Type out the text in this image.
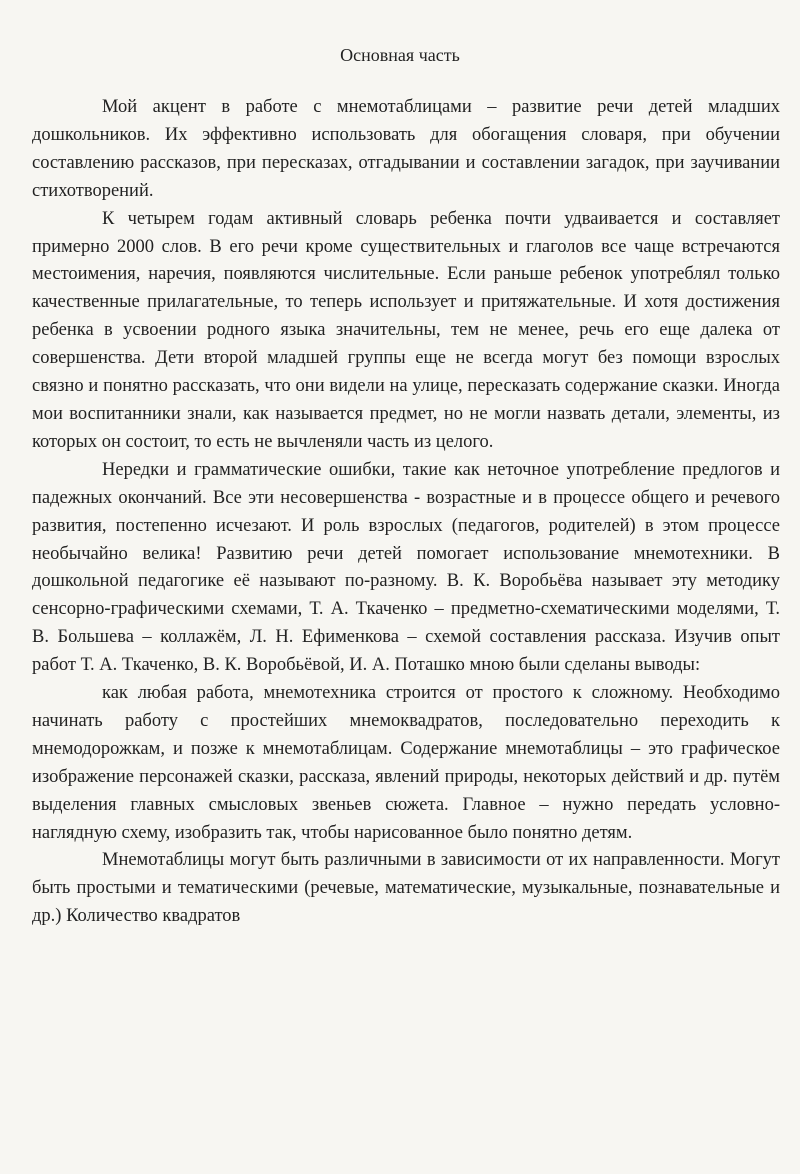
Основная часть

Мой акцент в работе с мнемотаблицами – развитие речи детей младших дошкольников. Их эффективно использовать для обогащения словаря, при обучении составлению рассказов, при пересказах, отгадывании и составлении загадок, при заучивании стихотворений.

К четырем годам активный словарь ребенка почти удваивается и составляет примерно 2000 слов. В его речи кроме существительных и глаголов все чаще встречаются местоимения, наречия, появляются числительные. Если раньше ребенок употреблял только качественные прилагательные, то теперь использует и притяжательные. И хотя достижения ребенка в усвоении родного языка значительны, тем не менее, речь его еще далека от совершенства. Дети второй младшей группы еще не всегда могут без помощи взрослых связно и понятно рассказать, что они видели на улице, пересказать содержание сказки. Иногда мои воспитанники знали, как называется предмет, но не могли назвать детали, элементы, из которых он состоит, то есть не вычленяли часть из целого.

Нередки и грамматические ошибки, такие как неточное употребление предлогов и падежных окончаний. Все эти несовершенства - возрастные и в процессе общего и речевого развития, постепенно исчезают. И роль взрослых (педагогов, родителей) в этом процессе необычайно велика! Развитию речи детей помогает использование мнемотехники. В дошкольной педагогике её называют по-разному. В. К. Воробьёва называет эту методику сенсорно-графическими схемами, Т. А. Ткаченко – предметно-схематическими моделями, Т. В. Большева – коллажём, Л. Н. Ефименкова – схемой составления рассказа. Изучив опыт работ Т. А. Ткаченко, В. К. Воробьёвой, И. А. Поташко мною были сделаны выводы:

как любая работа, мнемотехника строится от простого к сложному. Необходимо начинать работу с простейших мнемоквадратов, последовательно переходить к мнемодорожкам, и позже к мнемотаблицам. Содержание мнемотаблицы – это графическое изображение персонажей сказки, рассказа, явлений природы, некоторых действий и др. путём выделения главных смысловых звеньев сюжета. Главное – нужно передать условно-наглядную схему, изобразить так, чтобы нарисованное было понятно детям.

Мнемотаблицы могут быть различными в зависимости от их направленности. Могут быть простыми и тематическими (речевые, математические, музыкальные, познавательные и др.) Количество квадратов
